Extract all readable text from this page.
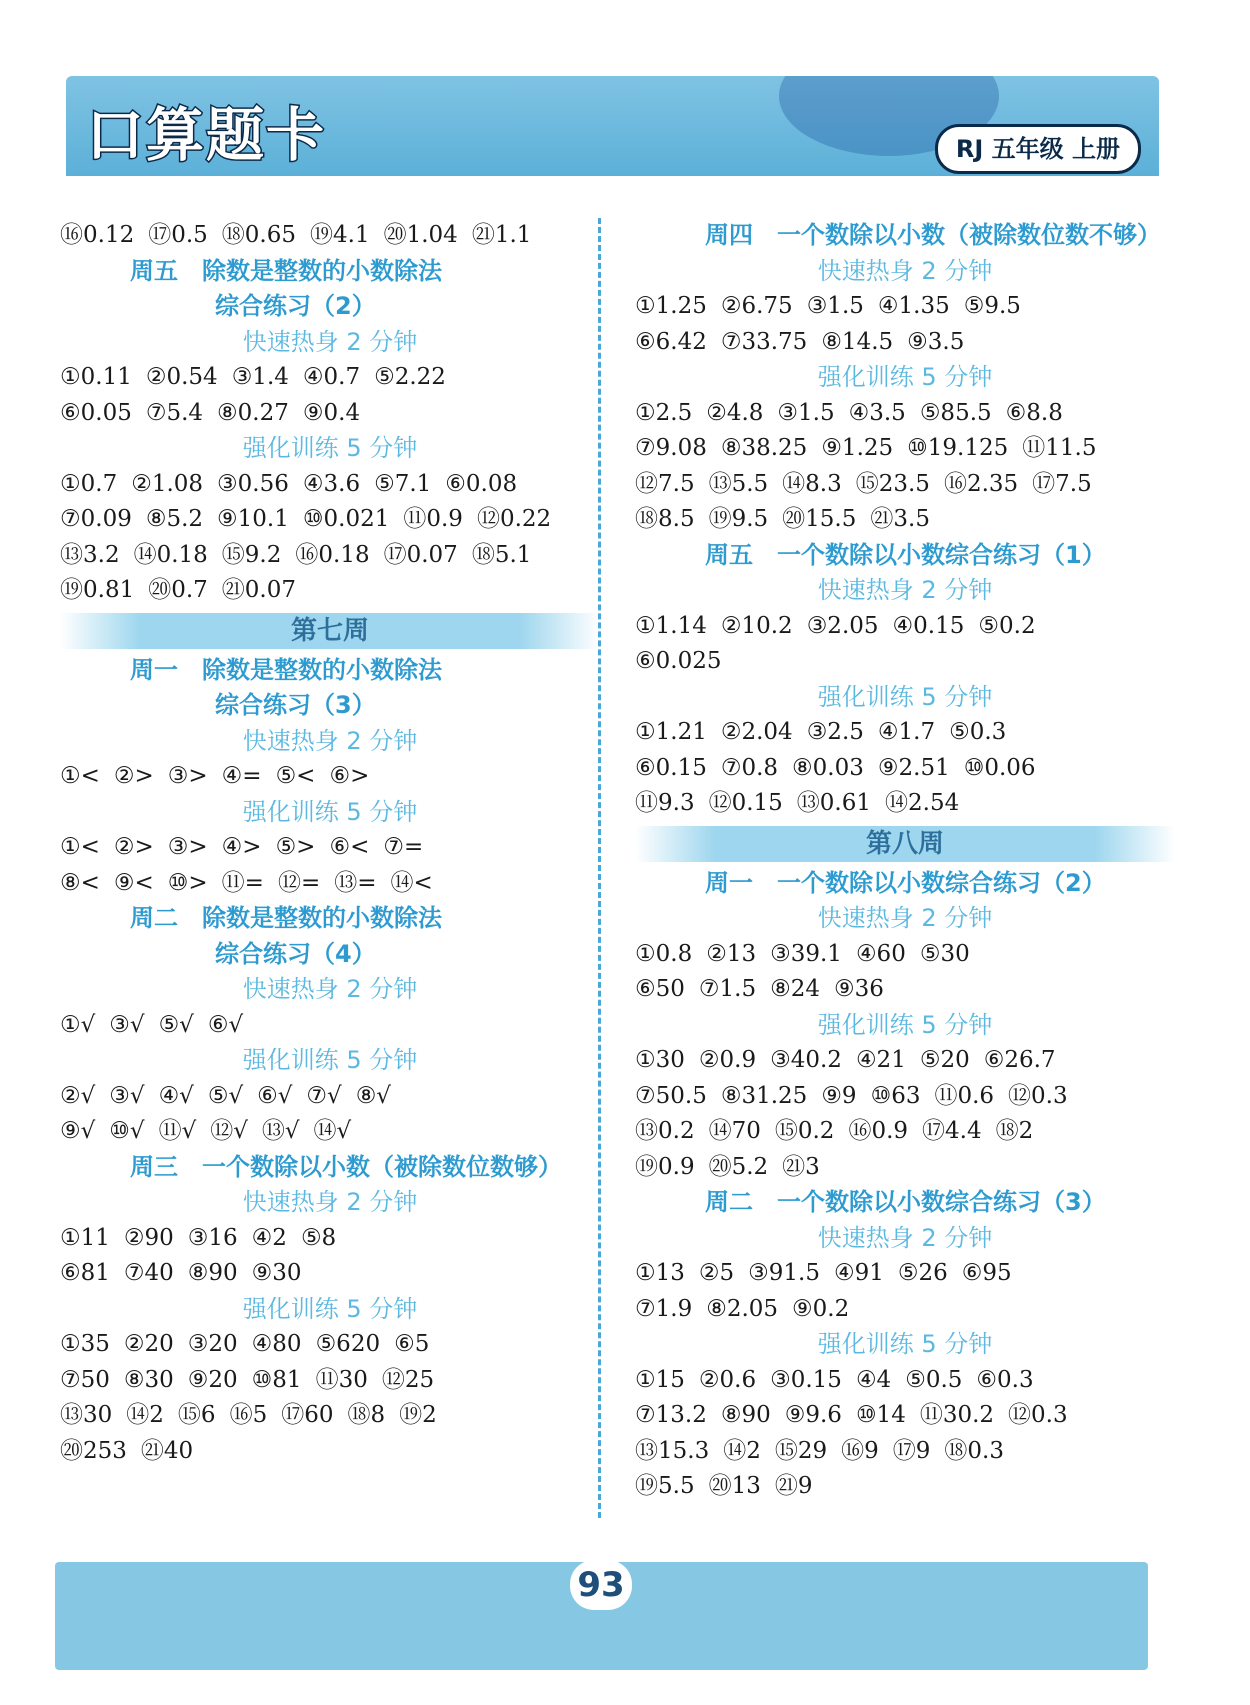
口算题卡	RJ 五年级 上册
⑯0.12 ⑰0.5 ⑱0.65 ⑲4.1 ⑳1.04 ㉑1.1
周五　除数是整数的小数除法
综合练习（2）
快速热身 2 分钟
①0.11 ②0.54 ③1.4 ④0.7 ⑤2.22
⑥0.05 ⑦5.4 ⑧0.27 ⑨0.4
强化训练 5 分钟
①0.7 ②1.08 ③0.56 ④3.6 ⑤7.1 ⑥0.08
⑦0.09 ⑧5.2 ⑨10.1 ⑩0.021 ⑪0.9 ⑫0.22
⑬3.2 ⑭0.18 ⑮9.2 ⑯0.18 ⑰0.07 ⑱5.1
⑲0.81 ⑳0.7 ㉑0.07
第七周
周一　除数是整数的小数除法
综合练习（3）
快速热身 2 分钟
①< ②> ③> ④= ⑤< ⑥>
强化训练 5 分钟
①< ②> ③> ④> ⑤> ⑥< ⑦=
⑧< ⑨< ⑩> ⑪= ⑫= ⑬= ⑭<
周二　除数是整数的小数除法
综合练习（4）
快速热身 2 分钟
①√ ③√ ⑤√ ⑥√
强化训练 5 分钟
②√ ③√ ④√ ⑤√ ⑥√ ⑦√ ⑧√
⑨√ ⑩√ ⑪√ ⑫√ ⑬√ ⑭√
周三　一个数除以小数（被除数位数够）
快速热身 2 分钟
①11 ②90 ③16 ④2 ⑤8
⑥81 ⑦40 ⑧90 ⑨30
强化训练 5 分钟
①35 ②20 ③20 ④80 ⑤620 ⑥5
⑦50 ⑧30 ⑨20 ⑩81 ⑪30 ⑫25
⑬30 ⑭2 ⑮6 ⑯5 ⑰60 ⑱8 ⑲2
⑳253 ㉑40
周四　一个数除以小数（被除数位数不够）
快速热身 2 分钟
①1.25 ②6.75 ③1.5 ④1.35 ⑤9.5
⑥6.42 ⑦33.75 ⑧14.5 ⑨3.5
强化训练 5 分钟
①2.5 ②4.8 ③1.5 ④3.5 ⑤85.5 ⑥8.8
⑦9.08 ⑧38.25 ⑨1.25 ⑩19.125 ⑪11.5
⑫7.5 ⑬5.5 ⑭8.3 ⑮23.5 ⑯2.35 ⑰7.5
⑱8.5 ⑲9.5 ⑳15.5 ㉑3.5
周五　一个数除以小数综合练习（1）
快速热身 2 分钟
①1.14 ②10.2 ③2.05 ④0.15 ⑤0.2
⑥0.025
强化训练 5 分钟
①1.21 ②2.04 ③2.5 ④1.7 ⑤0.3
⑥0.15 ⑦0.8 ⑧0.03 ⑨2.51 ⑩0.06
⑪9.3 ⑫0.15 ⑬0.61 ⑭2.54
第八周
周一　一个数除以小数综合练习（2）
快速热身 2 分钟
①0.8 ②13 ③39.1 ④60 ⑤30
⑥50 ⑦1.5 ⑧24 ⑨36
强化训练 5 分钟
①30 ②0.9 ③40.2 ④21 ⑤20 ⑥26.7
⑦50.5 ⑧31.25 ⑨9 ⑩63 ⑪0.6 ⑫0.3
⑬0.2 ⑭70 ⑮0.2 ⑯0.9 ⑰4.4 ⑱2
⑲0.9 ⑳5.2 ㉑3
周二　一个数除以小数综合练习（3）
快速热身 2 分钟
①13 ②5 ③91.5 ④91 ⑤26 ⑥95
⑦1.9 ⑧2.05 ⑨0.2
强化训练 5 分钟
①15 ②0.6 ③0.15 ④4 ⑤0.5 ⑥0.3
⑦13.2 ⑧90 ⑨9.6 ⑩14 ⑪30.2 ⑫0.3
⑬15.3 ⑭2 ⑮29 ⑯9 ⑰9 ⑱0.3
⑲5.5 ⑳13 ㉑9
93
